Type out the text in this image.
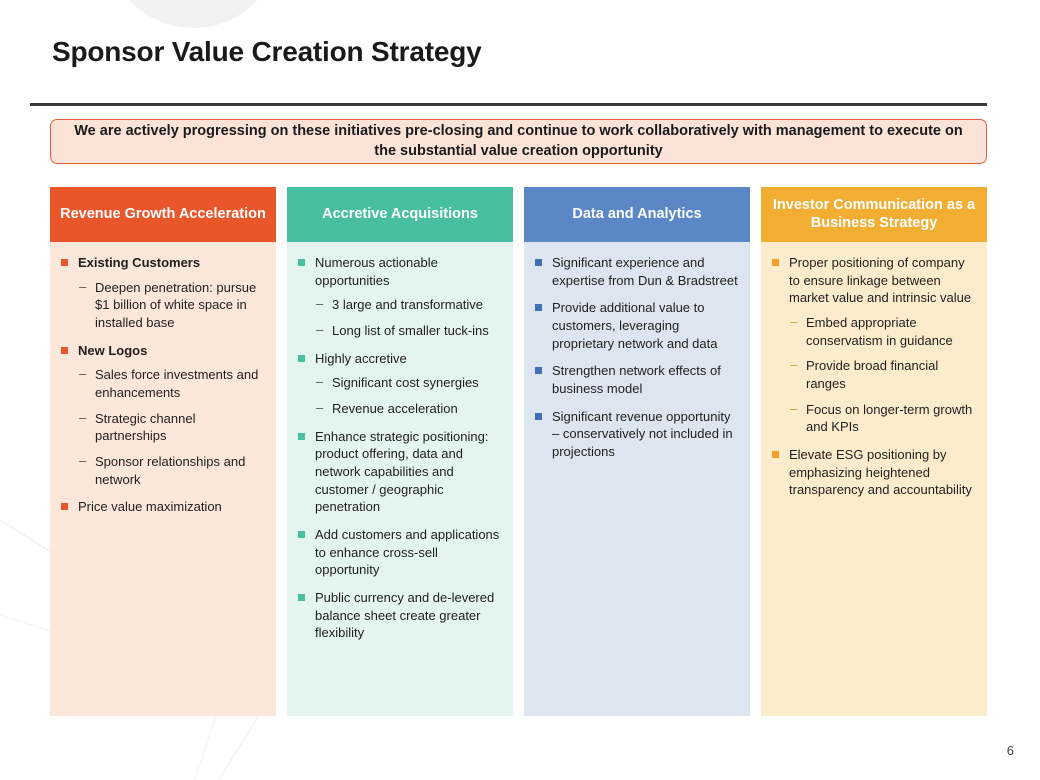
Sponsor Value Creation Strategy
We are actively progressing on these initiatives pre-closing and continue to work collaboratively with management to execute on the substantial value creation opportunity
Revenue Growth Acceleration
Existing Customers
– Deepen penetration: pursue $1 billion of white space in installed base
New Logos
– Sales force investments and enhancements
– Strategic channel partnerships
– Sponsor relationships and network
Price value maximization
Accretive Acquisitions
Numerous actionable opportunities
– 3 large and transformative
– Long list of smaller tuck-ins
Highly accretive
– Significant cost synergies
– Revenue acceleration
Enhance strategic positioning: product offering, data and network capabilities and customer / geographic penetration
Add customers and applications to enhance cross-sell opportunity
Public currency and de-levered balance sheet create greater flexibility
Data and Analytics
Significant experience and expertise from Dun & Bradstreet
Provide additional value to customers, leveraging proprietary network and data
Strengthen network effects of business model
Significant revenue opportunity – conservatively not included in projections
Investor Communication as a Business Strategy
Proper positioning of company to ensure linkage between market value and intrinsic value
– Embed appropriate conservatism in guidance
– Provide broad financial ranges
– Focus on longer-term growth and KPIs
Elevate ESG positioning by emphasizing heightened transparency and accountability
6
